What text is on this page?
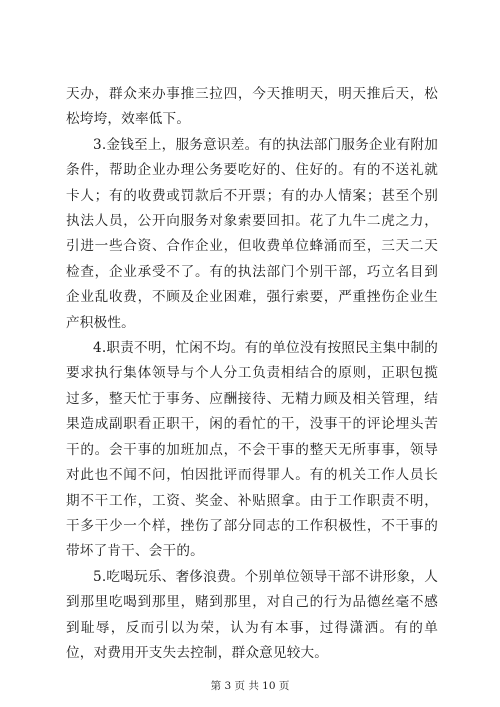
天办，群众来办事推三拉四，今天推明天，明天推后天，松松垮垮，效率低下。

3.金钱至上，服务意识差。有的执法部门服务企业有附加条件，帮助企业办理公务要吃好的、住好的。有的不送礼就卡人；有的收费或罚款后不开票；有的办人情案；甚至个别执法人员，公开向服务对象索要回扣。花了九牛二虎之力，引进一些合资、合作企业，但收费单位蜂涌而至，三天二天检查，企业承受不了。有的执法部门个别干部，巧立名目到企业乱收费，不顾及企业困难，强行索要，严重挫伤企业生产积极性。

4.职责不明，忙闲不均。有的单位没有按照民主集中制的要求执行集体领导与个人分工负责相结合的原则，正职包揽过多，整天忙于事务、应酬接待、无精力顾及相关管理，结果造成副职看正职干，闲的看忙的干，没事干的评论埋头苦干的。会干事的加班加点，不会干事的整天无所事事，领导对此也不闻不问，怕因批评而得罪人。有的机关工作人员长期不干工作，工资、奖金、补贴照拿。由于工作职责不明，干多干少一个样，挫伤了部分同志的工作积极性，不干事的带坏了肯干、会干的。

5.吃喝玩乐、奢侈浪费。个别单位领导干部不讲形象，人到那里吃喝到那里，赌到那里，对自己的行为品德丝毫不感到耻辱，反而引以为荣，认为有本事，过得潇洒。有的单位，对费用开支失去控制，群众意见较大。

第 3 页 共 10 页
